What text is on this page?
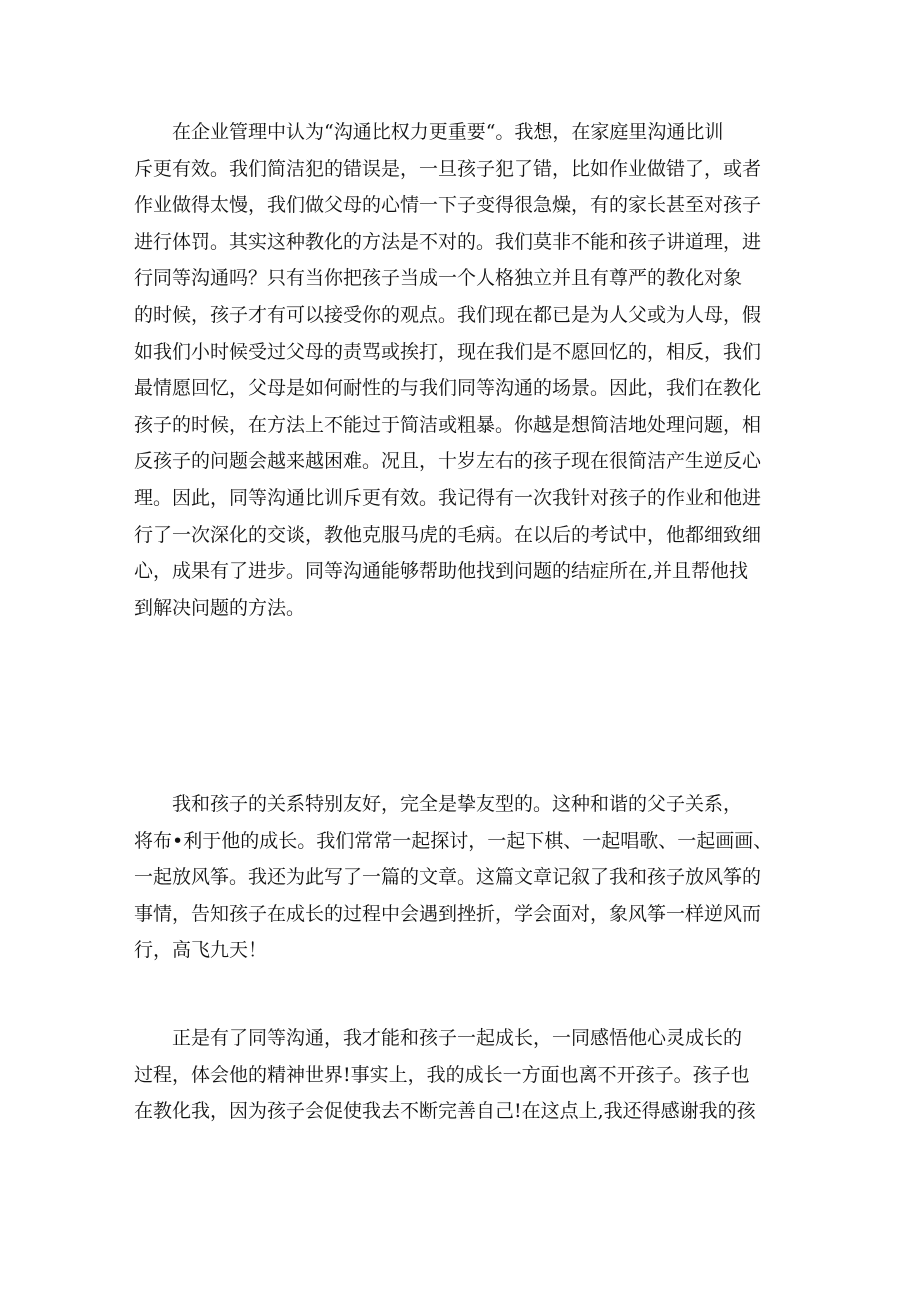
在企业管理中认为“沟通比权力更重要“。我想，在家庭里沟通比训
斥更有效。我们简洁犯的错误是，一旦孩子犯了错，比如作业做错了，或者
作业做得太慢，我们做父母的心情一下子变得很急燥，有的家长甚至对孩子
进行体罚。其实这种教化的方法是不对的。我们莫非不能和孩子讲道理，进
行同等沟通吗？只有当你把孩子当成一个人格独立并且有尊严的教化对象
的时候，孩子才有可以接受你的观点。我们现在都已是为人父或为人母，假
如我们小时候受过父母的责骂或挨打，现在我们是不愿回忆的，相反，我们
最情愿回忆，父母是如何耐性的与我们同等沟通的场景。因此，我们在教化
孩子的时候，在方法上不能过于简洁或粗暴。你越是想简洁地处理问题，相
反孩子的问题会越来越困难。况且，十岁左右的孩子现在很简洁产生逆反心
理。因此，同等沟通比训斥更有效。我记得有一次我针对孩子的作业和他进
行了一次深化的交谈，教他克服马虎的毛病。在以后的考试中，他都细致细
心，成果有了进步。同等沟通能够帮助他找到问题的结症所在,并且帮他找
到解决问题的方法。
我和孩子的关系特别友好，完全是挚友型的。这种和谐的父子关系，
将布•利于他的成长。我们常常一起探讨，一起下棋、一起唱歌、一起画画、
一起放风筝。我还为此写了一篇的文章。这篇文章记叙了我和孩子放风筝的
事情，告知孩子在成长的过程中会遇到挫折，学会面对，象风筝一样逆风而
行，高飞九天！
正是有了同等沟通，我才能和孩子一起成长，一同感悟他心灵成长的
过程，体会他的精神世界!事实上，我的成长一方面也离不开孩子。孩子也
在教化我，因为孩子会促使我去不断完善自己!在这点上,我还得感谢我的孩
